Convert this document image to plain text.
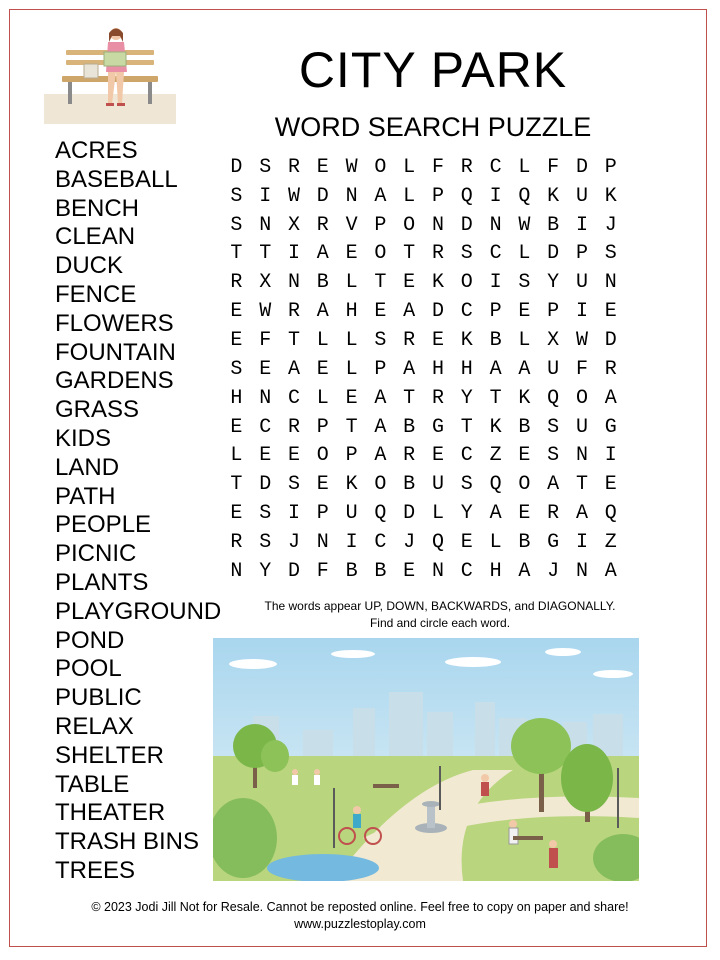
CITY PARK
WORD SEARCH PUZZLE
ACRES
BASEBALL
BENCH
CLEAN
DUCK
FENCE
FLOWERS
FOUNTAIN
GARDENS
GRASS
KIDS
LAND
PATH
PEOPLE
PICNIC
PLANTS
PLAYGROUND
POND
POOL
PUBLIC
RELAX
SHELTER
TABLE
THEATER
TRASH BINS
TREES
D S R E W O L F R C L F D P
S I W D N A L P Q I Q K U K
S N X R V P O N D N W B I J
T T I A E O T R S C L D P S
R X N B L T E K O I S Y U N
E W R A H E A D C P E P I E
E F T L L S R E K B L X W D
S E A E L P A H H A A U F R
H N C L E A T R Y T K Q O A
E C R P T A B G T K B S U G
L E E O P A R E C Z E S N I
T D S E K O B U S Q O A T E
E S I P U Q D L Y A E R A Q
R S J N I C J Q E L B G I Z
N Y D F B B E N C H A J N A
The words appear UP, DOWN, BACKWARDS, and DIAGONALLY.
Find and circle each word.
© 2023 Jodi Jill Not for Resale. Cannot be reposted online. Feel free to copy on paper and share!
www.puzzlestoplay.com
